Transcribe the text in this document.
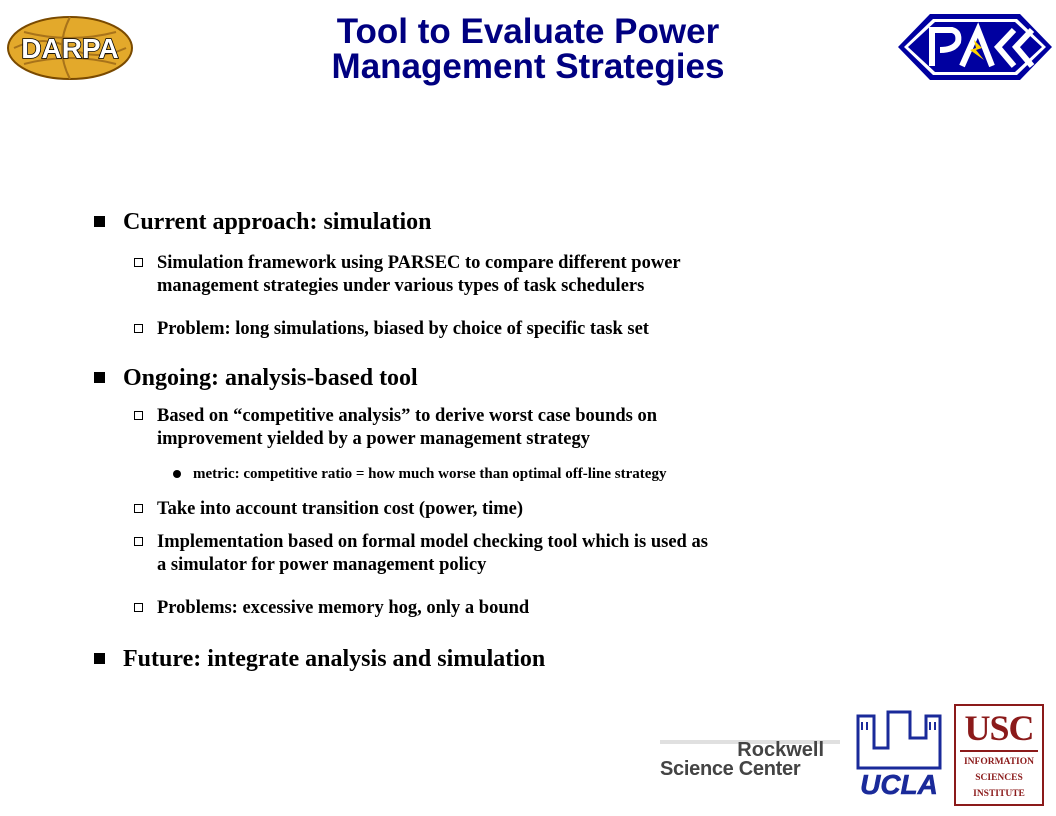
DARPA	Tool to Evaluate Power
Management Strategies
Current approach: simulation
Simulation framework using PARSEC to compare different power
management strategies under various types of task schedulers
Problem: long simulations, biased by choice of specific task set
Ongoing: analysis-based tool
Based on “competitive analysis” to derive worst case bounds on
improvement yielded by a power management strategy
metric: competitive ratio = how much worse than optimal off-line strategy
Take into account transition cost (power, time)
Implementation based on formal model checking tool which is used as
a simulator for power management policy
Problems: excessive memory hog, only a bound
Future: integrate analysis and simulation
Rockwell
Science Center UCLA
USC
INFORMATION
SCIENCES
INSTITUTE
